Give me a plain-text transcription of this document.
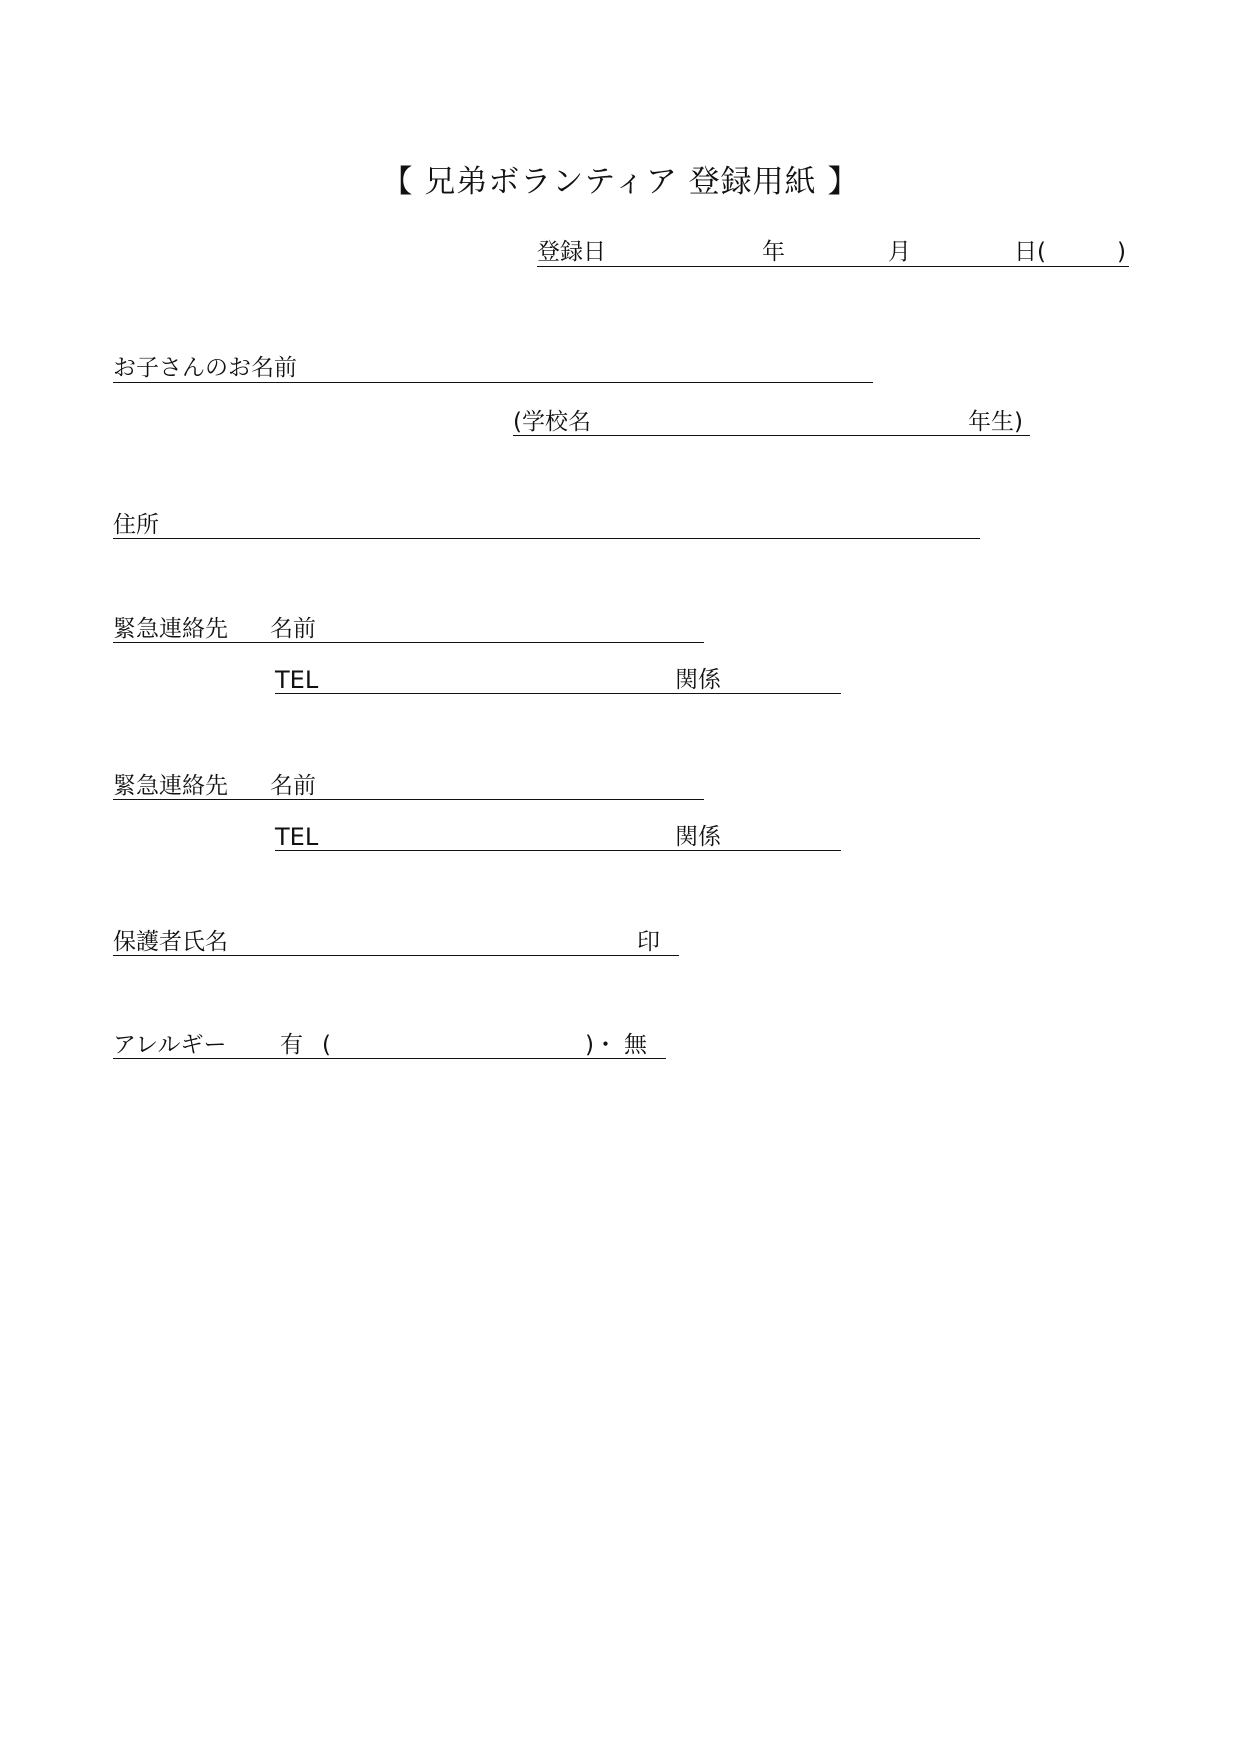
【 兄弟ボランティア 登録用紙 】
登録日	年	月	日(	)
お子さんのお名前
(学校名	年生)
住所
緊急連絡先 名前
TEL	関係
緊急連絡先 名前
TEL	関係
保護者氏名	印
アレルギー 有 (	)・ 無
